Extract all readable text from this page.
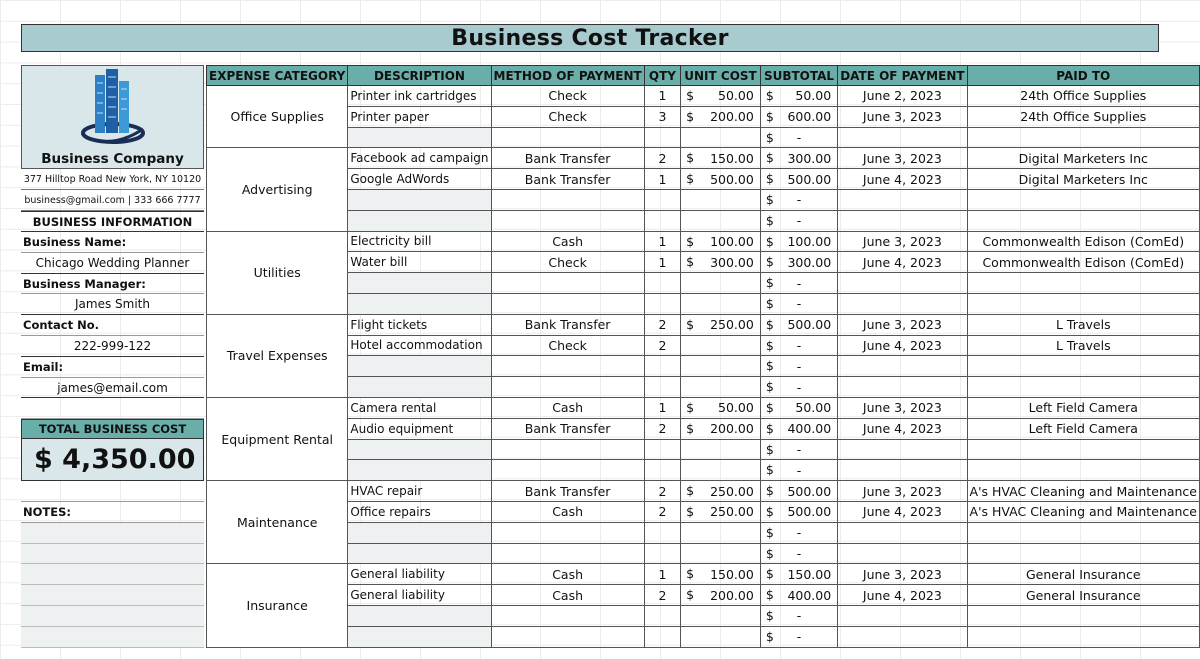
Business Cost Tracker
Business Company
377 Hilltop Road New York, NY 10120
business@gmail.com | 333 666 7777
BUSINESS INFORMATION
Business Name:
Chicago Wedding Planner
Business Manager:
James Smith
Contact No.
222-999-122
Email:
james@email.com
TOTAL BUSINESS COST
$ 4,350.00
NOTES:
EXPENSE CATEGORY	DESCRIPTION	METHOD OF PAYMENT	QTY	UNIT COST	SUBTOTAL	DATE OF PAYMENT	PAID TO
Office Supplies	Printer ink cartridges	Check	1	$ 50.00	$ 50.00	June 2, 2023	24th Office Supplies
	Printer paper	Check	3	$ 200.00	$ 600.00	June 3, 2023	24th Office Supplies

					$ -		

Advertising	Facebook ad campaign	Bank Transfer	2	$ 150.00	$ 300.00	June 3, 2023	Digital Marketers Inc
	Google AdWords	Bank Transfer	1	$ 500.00	$ 500.00	June 4, 2023	Digital Marketers Inc

					$ -		

					$ -		

Utilities	Electricity bill	Cash	1	$ 100.00	$ 100.00	June 3, 2023	Commonwealth Edison (ComEd)
	Water bill	Check	1	$ 300.00	$ 300.00	June 4, 2023	Commonwealth Edison (ComEd)

					$ -		

					$ -		

Travel Expenses	Flight tickets	Bank Transfer	2	$ 250.00	$ 500.00	June 3, 2023	L Travels
	Hotel accommodation	Check	2		$ -	June 4, 2023	L Travels

					$ -		

					$ -		

Equipment Rental	Camera rental	Cash	1	$ 50.00	$ 50.00	June 3, 2023	Left Field Camera
	Audio equipment	Bank Transfer	2	$ 200.00	$ 400.00	June 4, 2023	Left Field Camera

					$ -		

					$ -		

Maintenance	HVAC repair	Bank Transfer	2	$ 250.00	$ 500.00	June 3, 2023	A's HVAC Cleaning and Maintenance
	Office repairs	Cash	2	$ 250.00	$ 500.00	June 4, 2023	A's HVAC Cleaning and Maintenance

					$ -		

					$ -		

Insurance	General liability	Cash	1	$ 150.00	$ 150.00	June 3, 2023	General Insurance
	General liability	Cash	2	$ 200.00	$ 400.00	June 4, 2023	General Insurance

					$ -		

					$ -		
